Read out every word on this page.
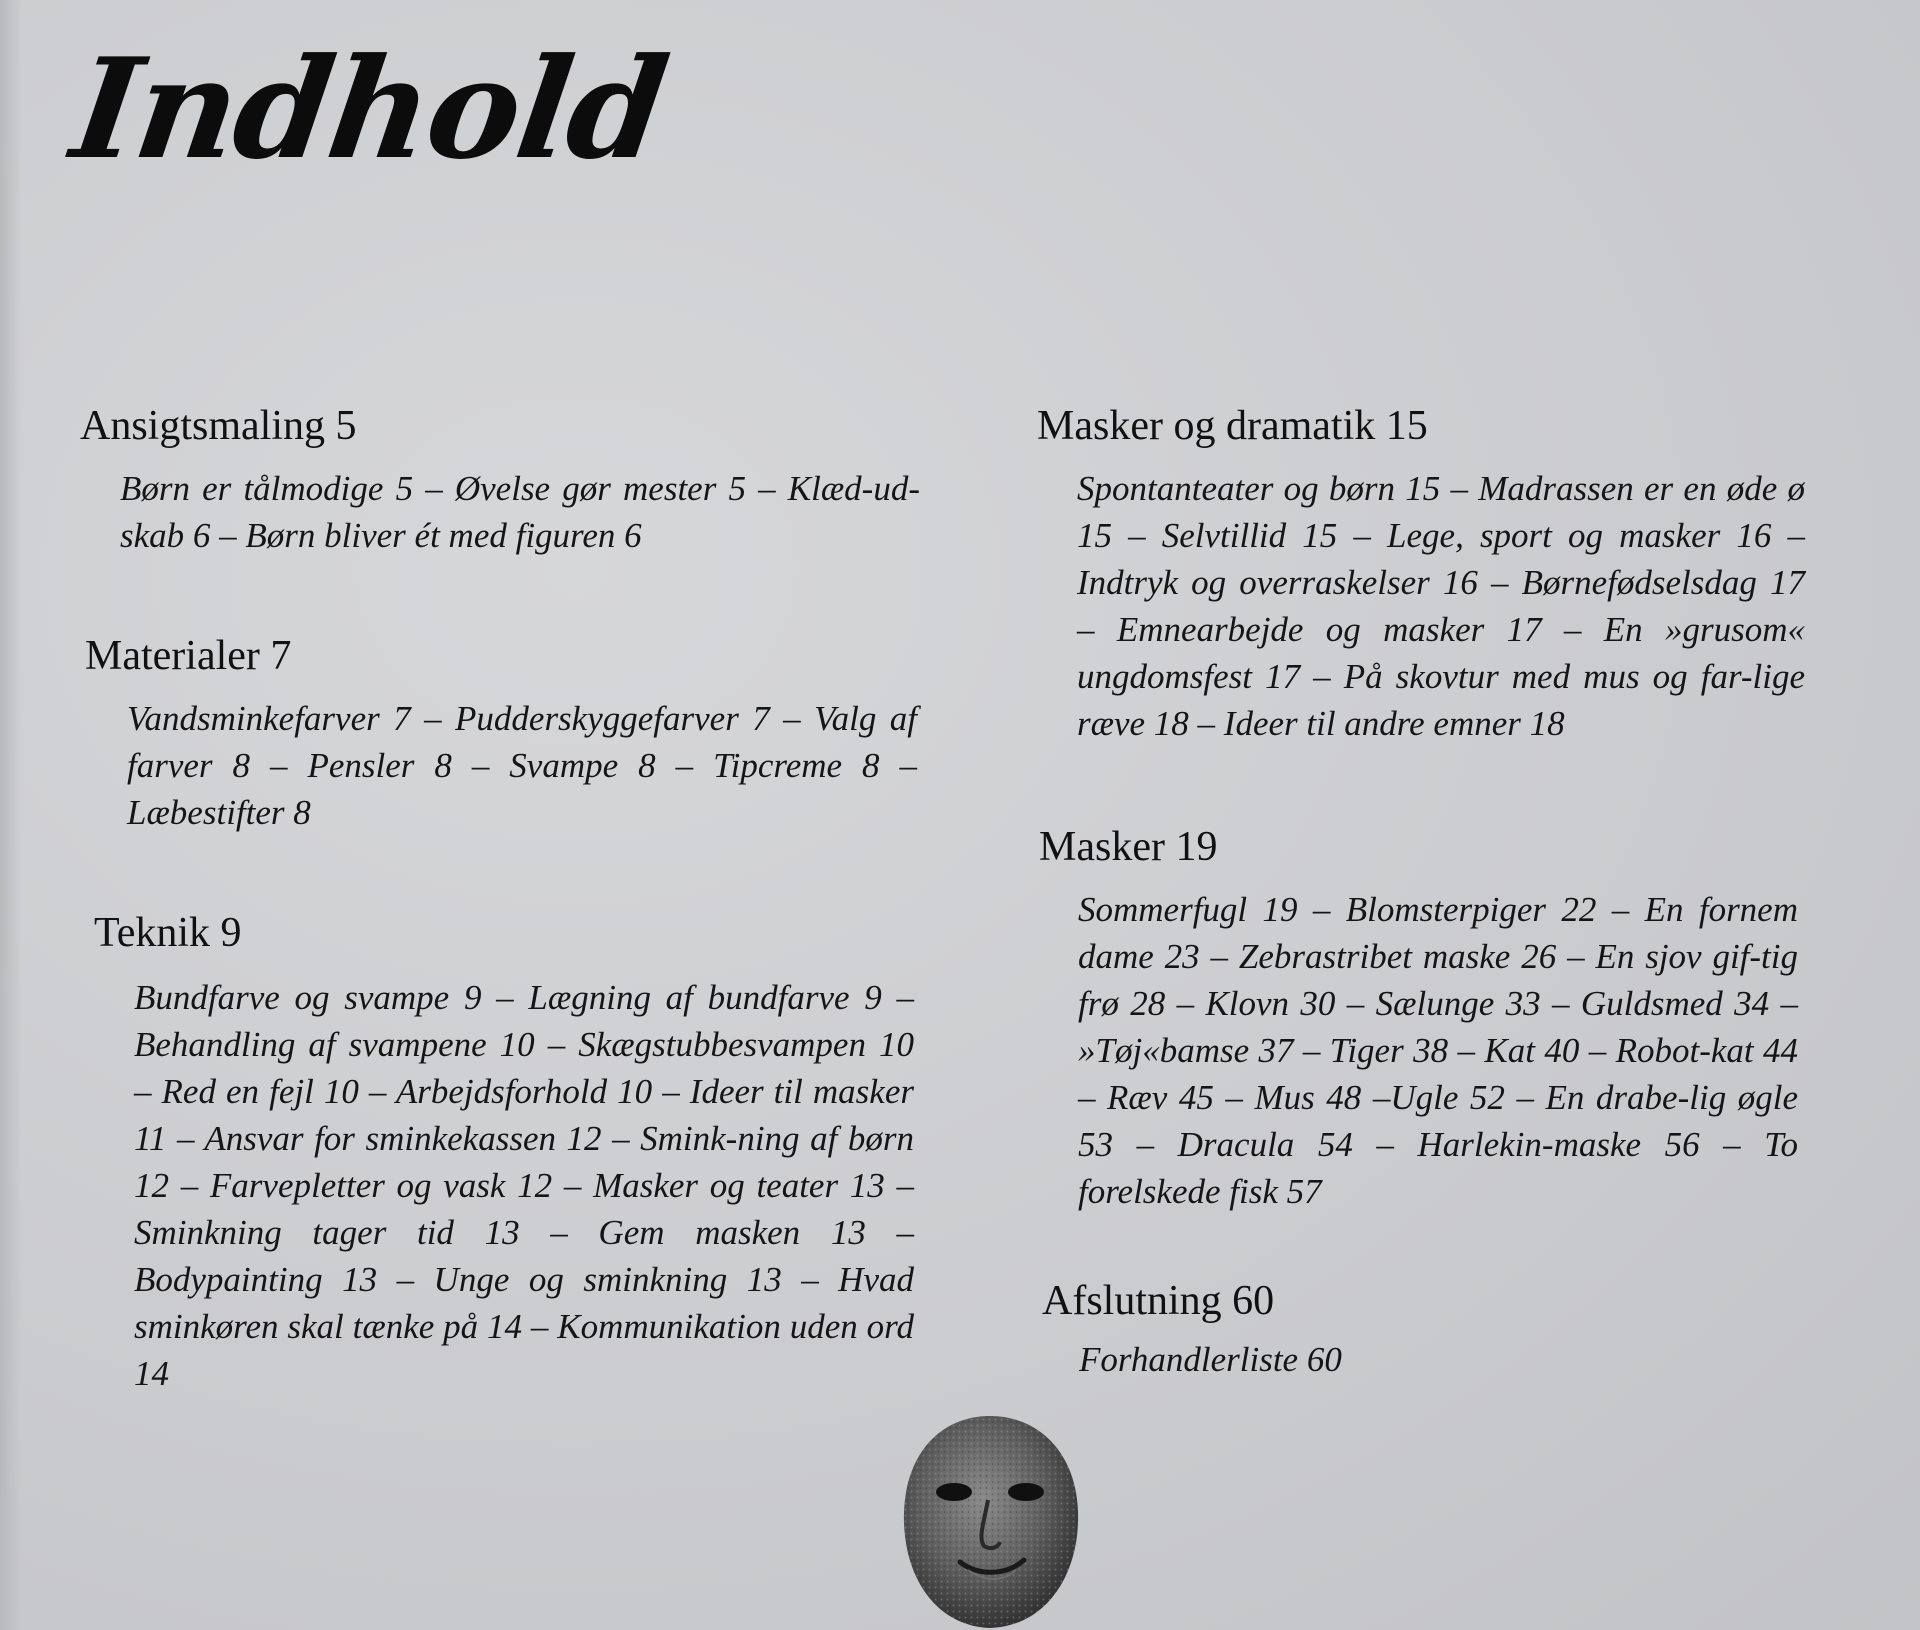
Indhold
Ansigtsmaling 5

Børn er tålmodige 5 – Øvelse gør mester 5 – Klæd-ud-skab 6 – Børn bliver ét med figuren 6

Materialer 7

Vandsminkefarver 7 – Pudderskyggefarver 7 – Valg af farver 8 – Pensler 8 – Svampe 8 – Tipcreme 8 – Læbestifter 8

Teknik 9

Bundfarve og svampe 9 – Lægning af bundfarve 9 – Behandling af svampene 10 – Skægstubbesvampen 10 – Red en fejl 10 – Arbejdsforhold 10 – Ideer til masker 11 – Ansvar for sminkekassen 12 – Smink-ning af børn 12 – Farvepletter og vask 12 – Masker og teater 13 – Sminkning tager tid 13 – Gem masken 13 – Bodypainting 13 – Unge og sminkning 13 – Hvad sminkøren skal tænke på 14 – Kommunikation uden ord 14

Masker og dramatik 15

Spontanteater og børn 15 – Madrassen er en øde ø 15 – Selvtillid 15 – Lege, sport og masker 16 – Indtryk og overraskelser 16 – Børnefødselsdag 17 – Emnearbejde og masker 17 – En »grusom« ungdomsfest 17 – På skovtur med mus og far-lige ræve 18 – Ideer til andre emner 18

Masker 19

Sommerfugl 19 – Blomsterpiger 22 – En fornem dame 23 – Zebrastribet maske 26 – En sjov gif-tig frø 28 – Klovn 30 – Sælunge 33 – Guldsmed 34 – »Tøj«bamse 37 – Tiger 38 – Kat 40 – Robot-kat 44 – Ræv 45 – Mus 48 –Ugle 52 – En drabe-lig øgle 53 – Dracula 54 – Harlekin-maske 56 – To forelskede fisk 57

Afslutning 60

Forhandlerliste 60
